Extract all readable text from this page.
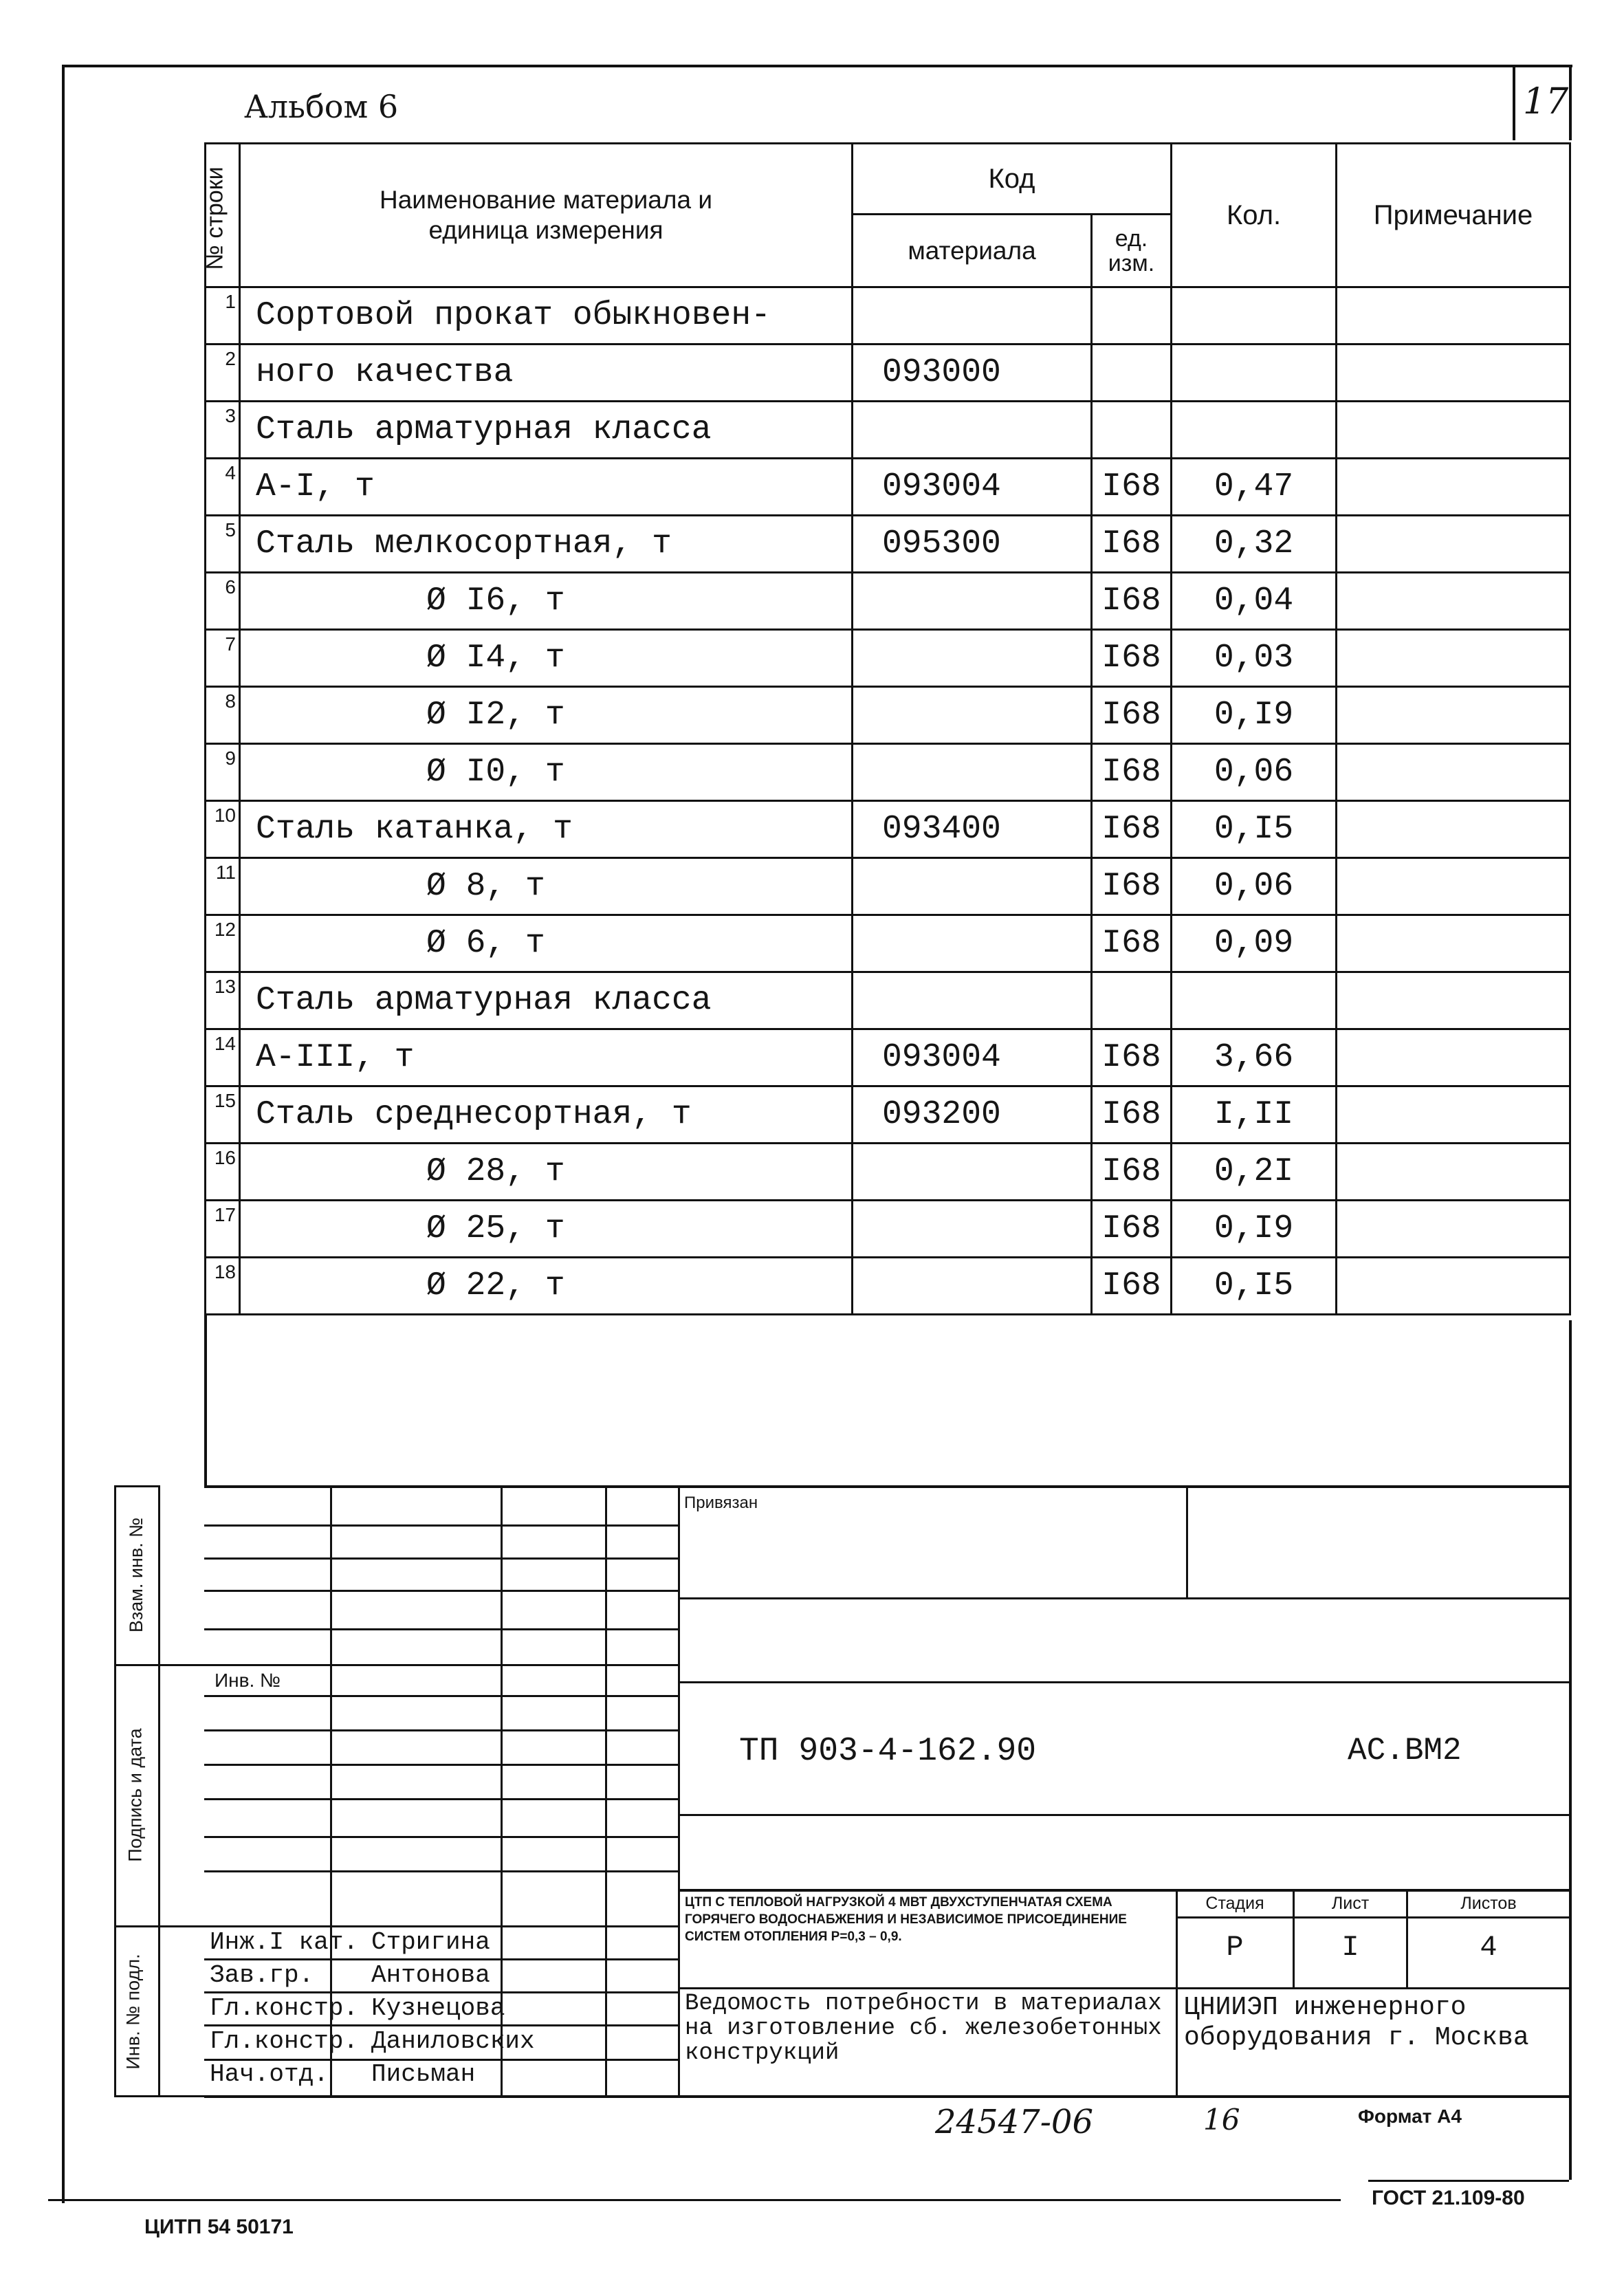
Альбом 6	17
№ строки	Наименование материала и единица измерения	Код		Кол.	Примечание
		материала	ед. изм.		
1	Сортовой прокат обыкновен-				
2	ного качества	093000			
3	Сталь арматурная класса				
4	А-I, т	093004	I68	0,47	
5	Сталь мелкосортная, т	095300	I68	0,32	
6	Ø I6, т		I68	0,04	
7	Ø I4, т		I68	0,03	
8	Ø I2, т		I68	0,I9	
9	Ø I0, т		I68	0,06	
10	Сталь катанка, т	093400	I68	0,I5	
11	Ø 8, т		I68	0,06	
12	Ø 6, т		I68	0,09	
13	Сталь арматурная класса				
14	А-III, т	093004	I68	3,66	
15	Сталь среднесортная, т	093200	I68	I,II	
16	Ø 28, т		I68	0,2I	
17	Ø 25, т		I68	0,I9	
18	Ø 22, т		I68	0,I5	
Взам. инв. №
Подпись и дата
Инв. № подл.
Инв. №
Инж.I кат. Стригина
Зав.гр. Антонова
Гл.констр. Кузнецова
Гл.констр. Даниловских
Нач.отд. Письман
Привязан
ТП 903-4-162.90	АС.ВМ2
ЦТП С ТЕПЛОВОЙ НАГРУЗКОЙ 4 МВТ ДВУХСТУПЕНЧАТАЯ СХЕМА ГОРЯЧЕГО ВОДОСНАБЖЕНИЯ И НЕЗАВИСИМОЕ ПРИСОЕДИНЕНИЕ СИСТЕМ ОТОПЛЕНИЯ Р=0,3 – 0,9.
Ведомость потребности в материалах на изготовление сб. железобетонных конструкций
Стадия	Лист	Листов
Р	I	4
ЦНИИЭП инженерного оборудования г. Москва
24547-06	16	Формат А4
ЦИТП 54 50171
ГОСТ 21.109-80
